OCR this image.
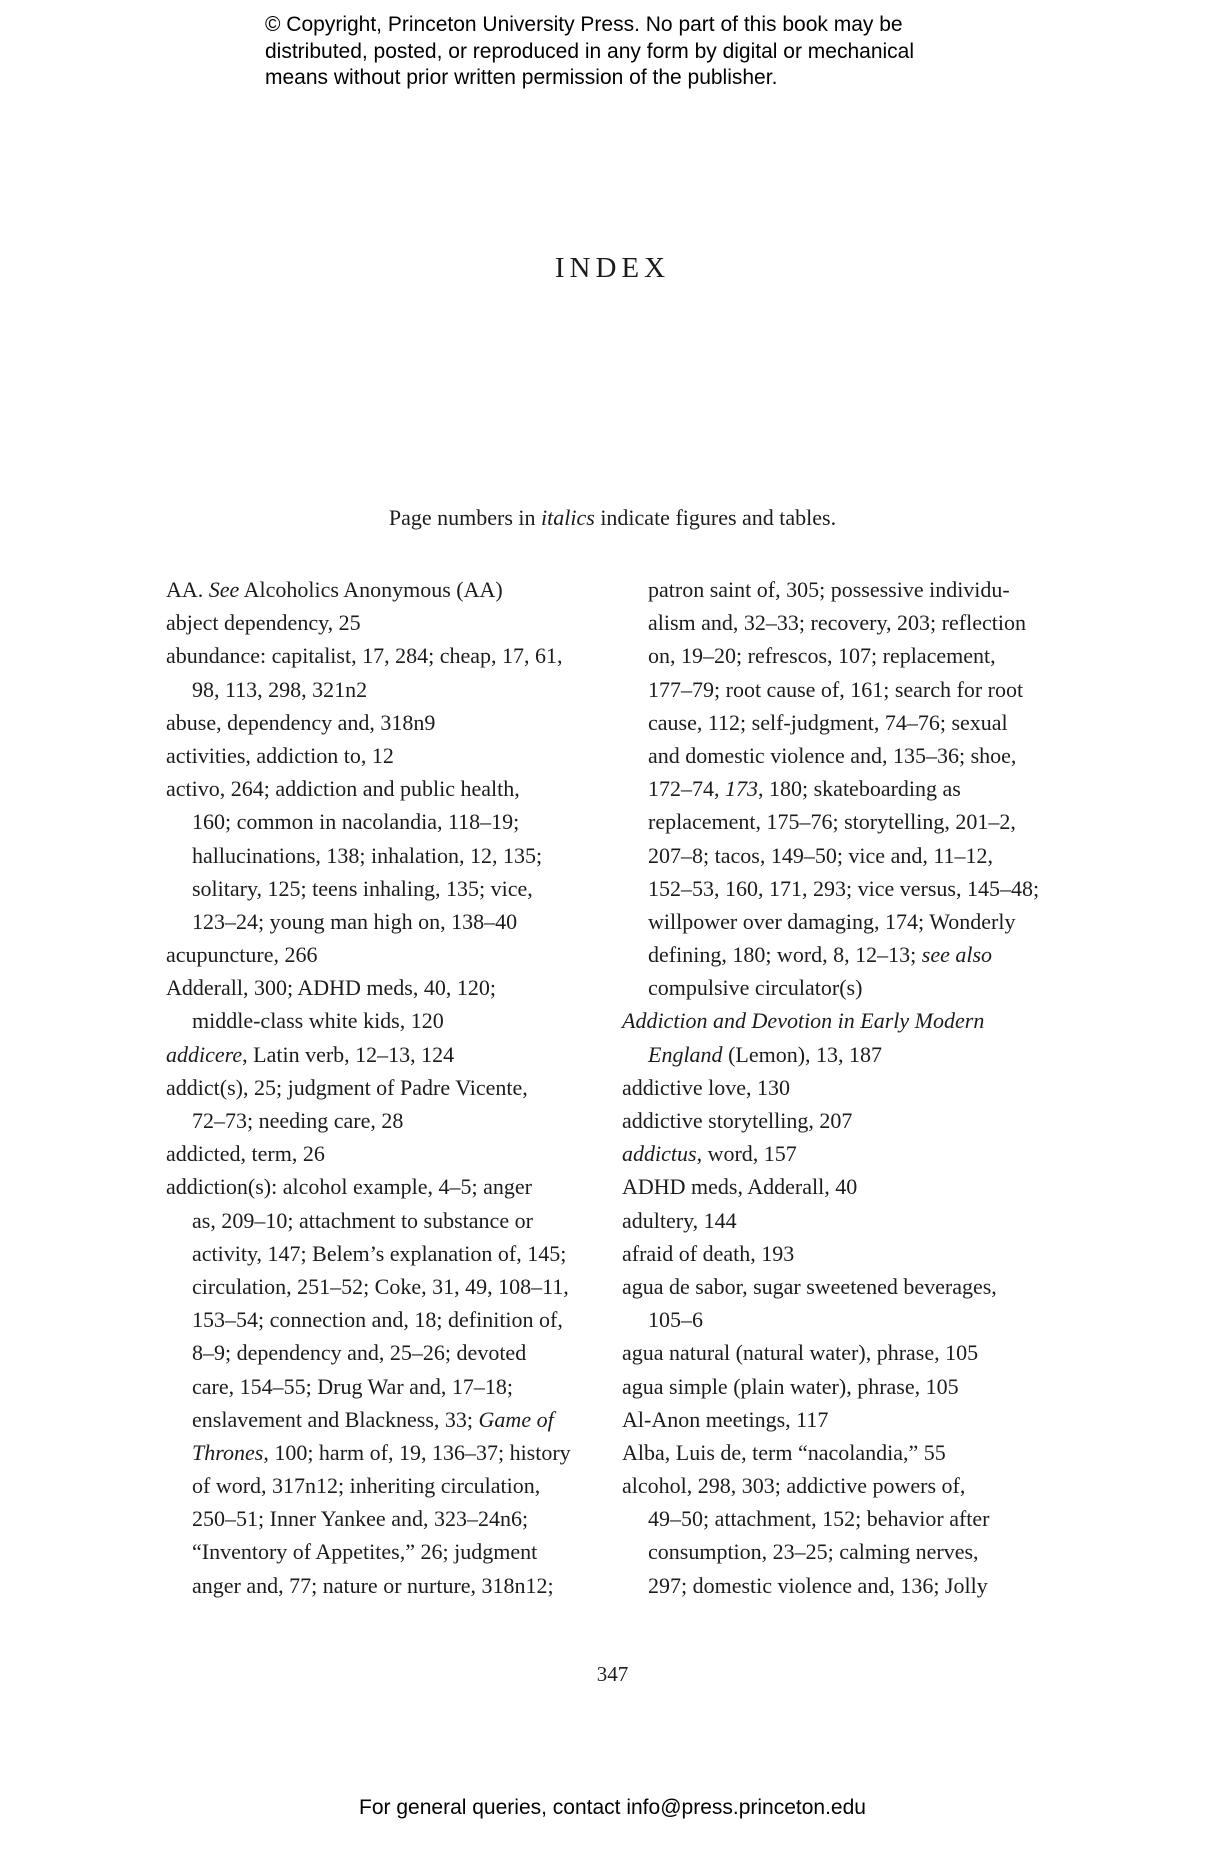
© Copyright, Princeton University Press. No part of this book may be
distributed, posted, or reproduced in any form by digital or mechanical
means without prior written permission of the publisher.
INDEX
Page numbers in italics indicate figures and tables.
AA. See Alcoholics Anonymous (AA)
abject dependency, 25
abundance: capitalist, 17, 284; cheap, 17, 61,
98, 113, 298, 321n2
abuse, dependency and, 318n9
activities, addiction to, 12
activo, 264; addiction and public health,
160; common in nacolandia, 118–19;
hallucinations, 138; inhalation, 12, 135;
solitary, 125; teens inhaling, 135; vice,
123–24; young man high on, 138–40
acupuncture, 266
Adderall, 300; ADHD meds, 40, 120;
middle-class white kids, 120
addicere, Latin verb, 12–13, 124
addict(s), 25; judgment of Padre Vicente,
72–73; needing care, 28
addicted, term, 26
addiction(s): alcohol example, 4–5; anger
as, 209–10; attachment to substance or
activity, 147; Belem’s explanation of, 145;
circulation, 251–52; Coke, 31, 49, 108–11,
153–54; connection and, 18; definition of,
8–9; dependency and, 25–26; devoted
care, 154–55; Drug War and, 17–18;
enslavement and Blackness, 33; Game of
Thrones, 100; harm of, 19, 136–37; history
of word, 317n12; inheriting circulation,
250–51; Inner Yankee and, 323–24n6;
“Inventory of Appetites,” 26; judgment
anger and, 77; nature or nurture, 318n12;
patron saint of, 305; possessive individu-
alism and, 32–33; recovery, 203; reflection
on, 19–20; refrescos, 107; replacement,
177–79; root cause of, 161; search for root
cause, 112; self-judgment, 74–76; sexual
and domestic violence and, 135–36; shoe,
172–74, 173, 180; skateboarding as
replacement, 175–76; storytelling, 201–2,
207–8; tacos, 149–50; vice and, 11–12,
152–53, 160, 171, 293; vice versus, 145–48;
willpower over damaging, 174; Wonderly
defining, 180; word, 8, 12–13; see also
compulsive circulator(s)
Addiction and Devotion in Early Modern
England (Lemon), 13, 187
addictive love, 130
addictive storytelling, 207
addictus, word, 157
ADHD meds, Adderall, 40
adultery, 144
afraid of death, 193
agua de sabor, sugar sweetened beverages,
105–6
agua natural (natural water), phrase, 105
agua simple (plain water), phrase, 105
Al-Anon meetings, 117
Alba, Luis de, term “nacolandia,” 55
alcohol, 298, 303; addictive powers of,
49–50; attachment, 152; behavior after
consumption, 23–25; calming nerves,
297; domestic violence and, 136; Jolly
347
For general queries, contact info@press.princeton.edu
